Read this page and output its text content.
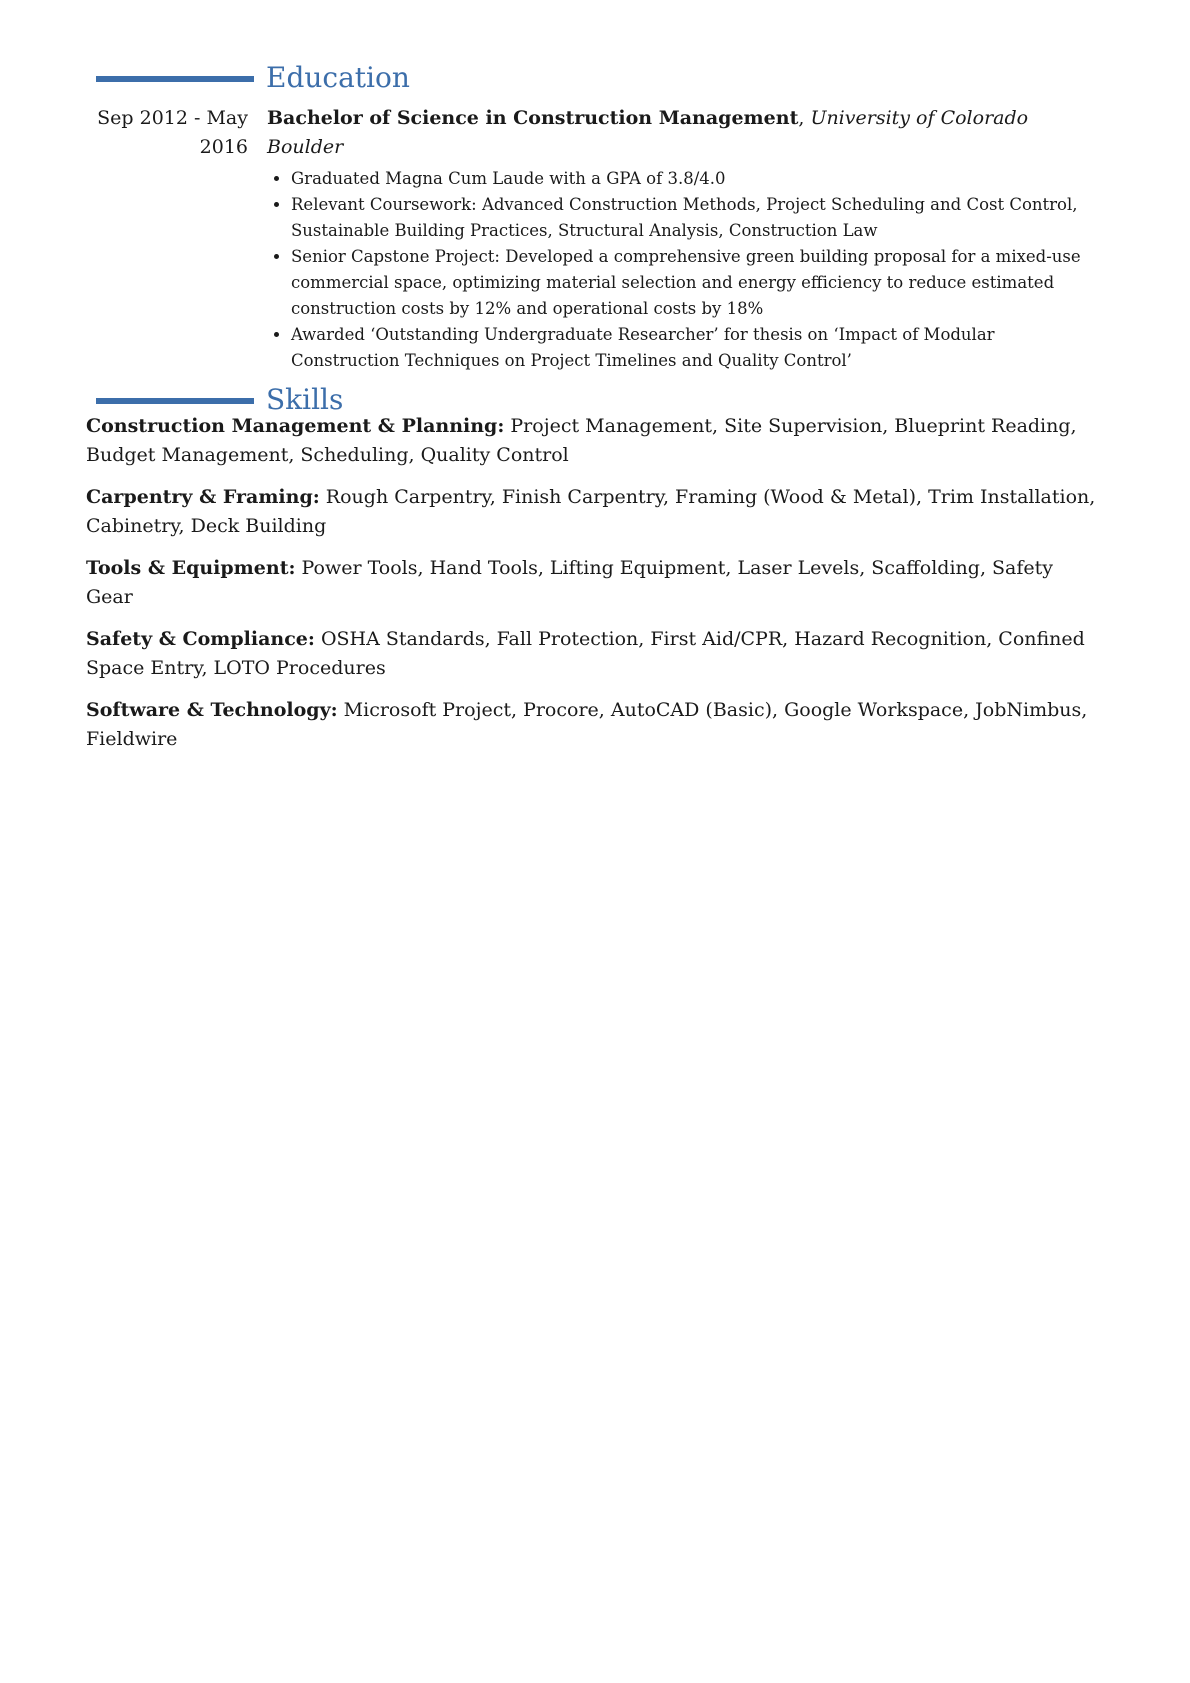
Education
Sep 2012 - May 2016

Bachelor of Science in Construction Management, University of Colorado Boulder

• Graduated Magna Cum Laude with a GPA of 3.8/4.0
• Relevant Coursework: Advanced Construction Methods, Project Scheduling and Cost Control, Sustainable Building Practices, Structural Analysis, Construction Law
• Senior Capstone Project: Developed a comprehensive green building proposal for a mixed-use commercial space, optimizing material selection and energy efficiency to reduce estimated construction costs by 12% and operational costs by 18%
• Awarded ‘Outstanding Undergraduate Researcher’ for thesis on ‘Impact of Modular Construction Techniques on Project Timelines and Quality Control’
Skills

Construction Management & Planning: Project Management, Site Supervision, Blueprint Reading, Budget Management, Scheduling, Quality Control

Carpentry & Framing: Rough Carpentry, Finish Carpentry, Framing (Wood & Metal), Trim Installation, Cabinetry, Deck Building

Tools & Equipment: Power Tools, Hand Tools, Lifting Equipment, Laser Levels, Scaffolding, Safety Gear

Safety & Compliance: OSHA Standards, Fall Protection, First Aid/CPR, Hazard Recognition, Confined Space Entry, LOTO Procedures

Software & Technology: Microsoft Project, Procore, AutoCAD (Basic), Google Workspace, JobNimbus, Fieldwire
